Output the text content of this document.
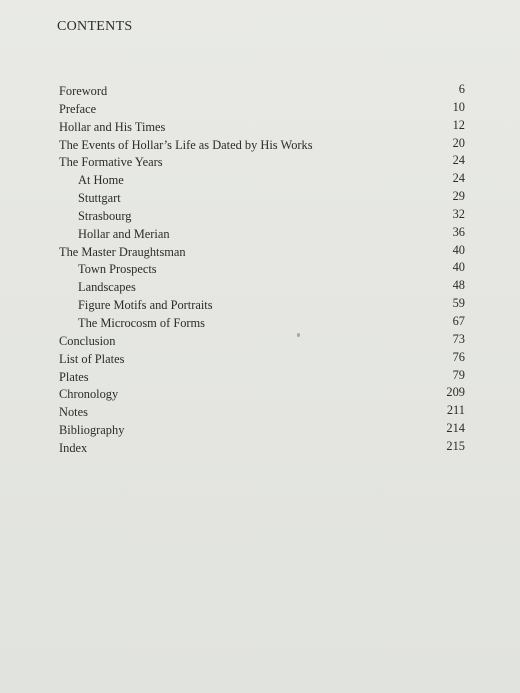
CONTENTS
Foreword	6
Preface	10
Hollar and His Times	12
The Events of Hollar’s Life as Dated by His Works	20
The Formative Years	24
At Home	24
Stuttgart	29
Strasbourg	32
Hollar and Merian	36
The Master Draughtsman	40
Town Prospects	40
Landscapes	48
Figure Motifs and Portraits	59
The Microcosm of Forms	67
Conclusion	73
List of Plates	76
Plates	79
Chronology	209
Notes	211
Bibliography	214
Index	215
